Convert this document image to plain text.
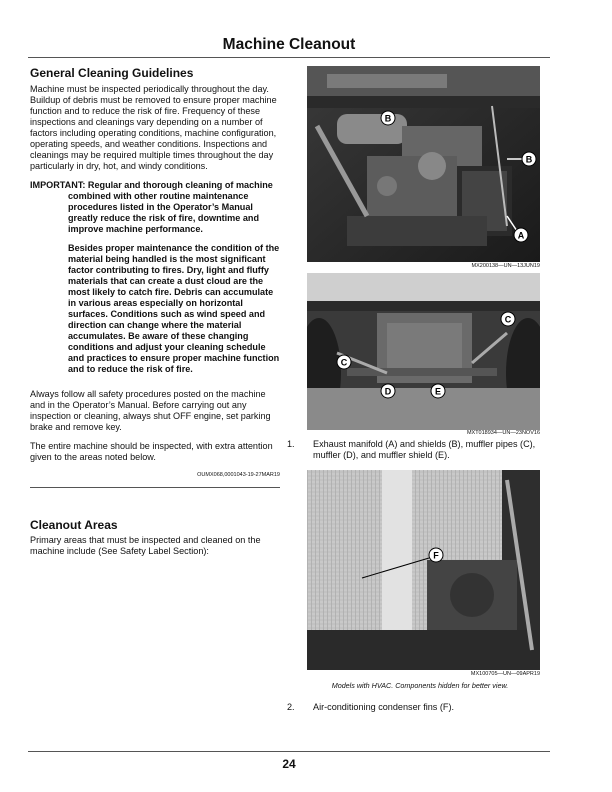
Machine Cleanout
General Cleaning Guidelines

Machine must be inspected periodically throughout the day. Buildup of debris must be removed to ensure proper machine function and to reduce the risk of fire. Frequency of these inspections and cleanings vary depending on a number of factors including operating conditions, machine configuration, operating speeds, and weather conditions. Inspections and cleanings may be required multiple times throughout the day particularly in dry, hot, and windy conditions.

IMPORTANT: Regular and thorough cleaning of machine combined with other routine maintenance procedures listed in the Operator’s Manual greatly reduce the risk of fire, downtime and improve machine performance.

Besides proper maintenance the condition of the material being handled is the most significant factor contributing to fires. Dry, light and fluffy materials that can create a dust cloud are the most likely to catch fire. Debris can accumulate in various areas especially on horizontal surfaces. Conditions such as wind speed and direction can change where the material accumulates. Be aware of these changing conditions and adjust your cleaning schedule and practices to ensure proper machine function and to reduce the risk of fire.

Always follow all safety procedures posted on the machine and in the Operator’s Manual. Before carrying out any inspection or cleaning, always shut OFF engine, set parking brake and remove key.

The entire machine should be inspected, with extra attention given to the areas noted below.

OUMX068,0001043-19-27MAR19

Cleanout Areas

Primary areas that must be inspected and cleaned on the machine include (See Safety Label Section):

B
B
A
MX200138—UN—13JUN19
C
C
D	E
MXT018934—UN—23NOV16
1. Exhaust manifold (A) and shields (B), muffler pipes (C), muffler (D), and muffler shield (E).
F
MX100705—UN—09APR19
Models with HVAC. Components hidden for better view.
2. Air-conditioning condenser fins (F).
24
